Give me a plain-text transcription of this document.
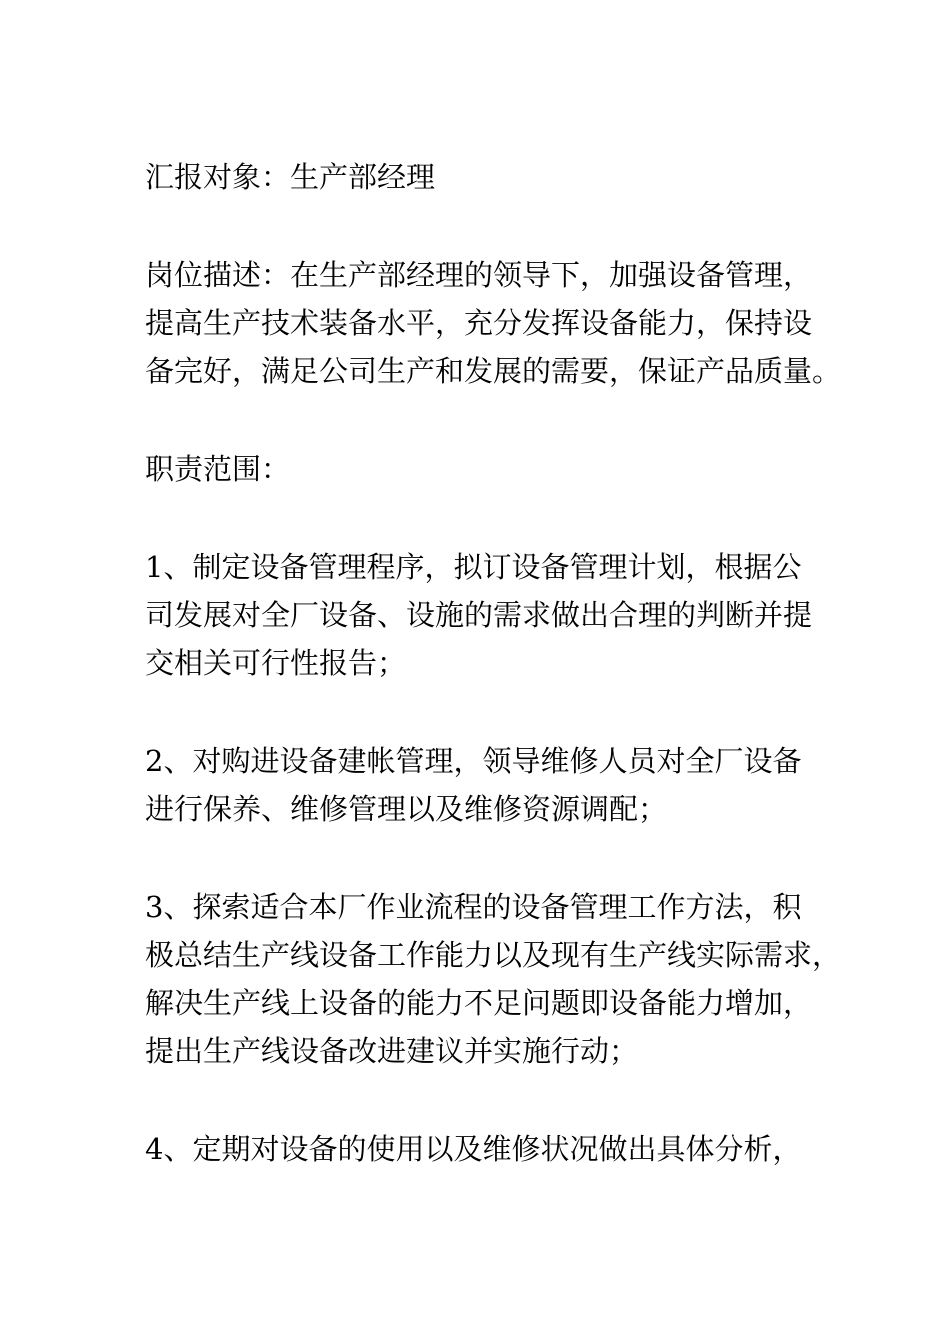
汇报对象：生产部经理

岗位描述：在生产部经理的领导下，加强设备管理，
提高生产技术装备水平，充分发挥设备能力，保持设
备完好，满足公司生产和发展的需要，保证产品质量。

职责范围：

1、制定设备管理程序，拟订设备管理计划，根据公
司发展对全厂设备、设施的需求做出合理的判断并提
交相关可行性报告；

2、对购进设备建帐管理，领导维修人员对全厂设备
进行保养、维修管理以及维修资源调配；

3、探索适合本厂作业流程的设备管理工作方法，积
极总结生产线设备工作能力以及现有生产线实际需求，
解决生产线上设备的能力不足问题即设备能力增加，
提出生产线设备改进建议并实施行动；

4、定期对设备的使用以及维修状况做出具体分析，
